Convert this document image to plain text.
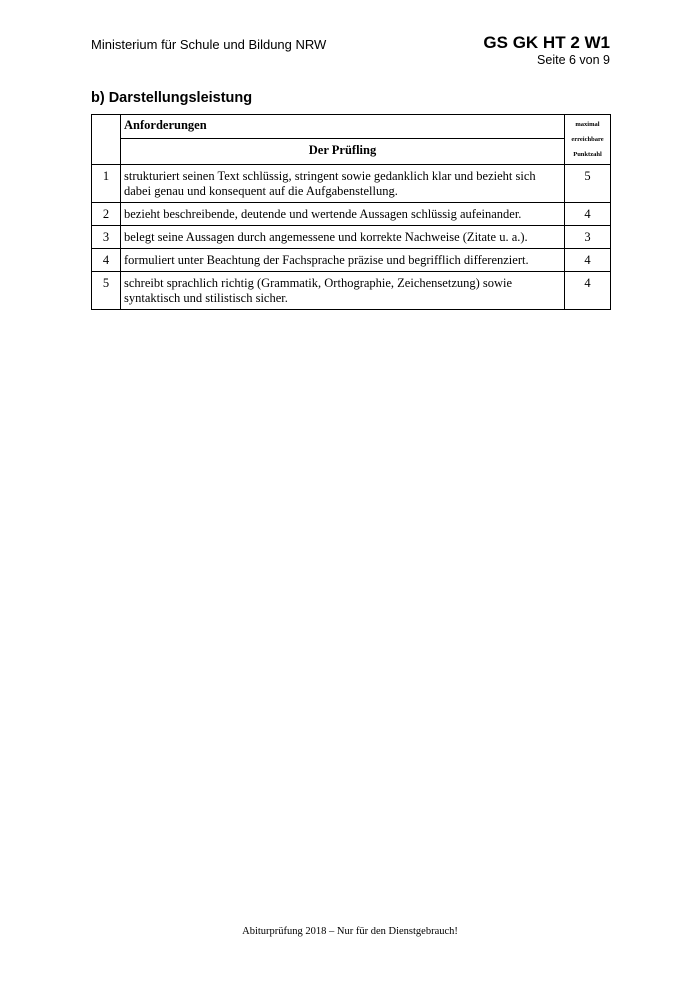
Ministerium für Schule und Bildung NRW	GS GK HT 2 W1
Seite 6 von 9
b) Darstellungsleistung
	Anforderungen	maximal
erreichbare
Punktzahl
	Der Prüfling	
1	strukturiert seinen Text schlüssig, stringent sowie gedanklich klar und bezieht sich dabei genau und konsequent auf die Aufgabenstellung.	5
2	bezieht beschreibende, deutende und wertende Aussagen schlüssig aufeinander.	4
3	belegt seine Aussagen durch angemessene und korrekte Nachweise (Zitate u. a.).	3
4	formuliert unter Beachtung der Fachsprache präzise und begrifflich differenziert.	4
5	schreibt sprachlich richtig (Grammatik, Orthographie, Zeichensetzung) sowie syntaktisch und stilistisch sicher.	4
Abiturprüfung 2018 – Nur für den Dienstgebrauch!
